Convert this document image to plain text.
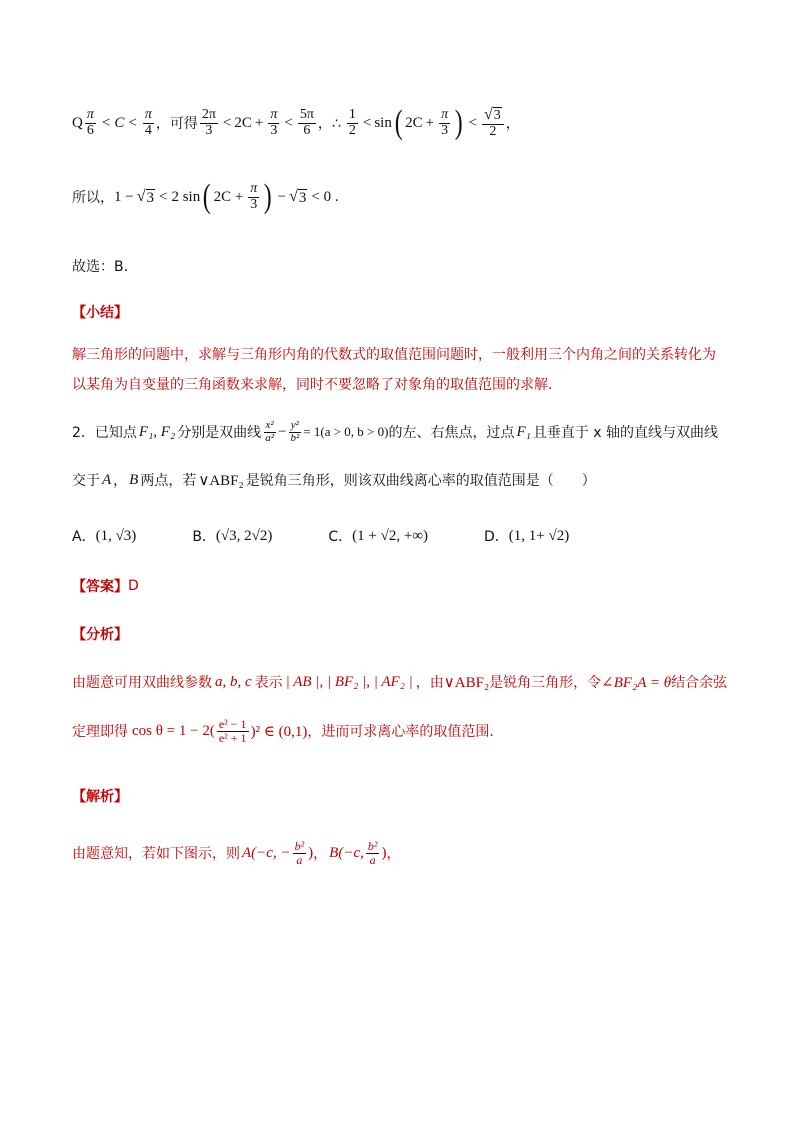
Q $\frac{\pi}{6} < C < \frac{\pi}{4}$ ，可得 $\frac{2\pi}{3} < 2C + \frac{\pi}{3} < \frac{5\pi}{6}$ ，∴ $\frac{1}{2} < \sin$ ( $2C + \frac{\pi}{3}$ ) < $\frac{√ 3}{2}$ ，
所以， 1 − √ 3 < 2 sin ( $2C + \frac{\pi}{3}$ ) − √ 3 < 0 .
故选：B.
【小结】
解三角形的问题中，求解与三角形内角的代数式的取值范围问题时，一般利用三个内角之间的关系转化为以某角为自变量的三角函数来求解，同时不要忽略了对象角的取值范围的求解.
2．已知点 F₁, F₂ 分别是双曲线 $\frac{\text{x²}}{\text{a²}} - \frac{\text{y²}}{\text{b²}} = 1(a > 0$, b > 0) 的左、右焦点，过点 F₁ 且垂直于 x 轴的直线与双曲线
交于 A ， B 两点，若 ∨ABF₂ 是锐角三角形，则该双曲线离心率的取值范围是（　　）
A． (1, √3)	B． (√3, 2√2)	C． (1 + √2, +∞)	D． (1, 1+ √2)
【答案】 D
【分析】
由题意可用双曲线参数 a, b, c 表示 | AB |, | BF₂ |, | AF₂ | ，由 ∨ABF₂ 是锐角三角形，令 ∠BF₂A = θ 结合余弦
定理即得 $\cos \theta = 1 - 2( \frac{\text{e² − 1}}{\text{e² + 1}} )^2$ ∈ (0,1) ，进而可求离心率的取值范围.
【解析】
由题意知，若如下图示，则 A(−c, − $\frac{\text{b²}}{a}$ ) ， B(−c, $\frac{\text{b²}}{a}$ ) ，
